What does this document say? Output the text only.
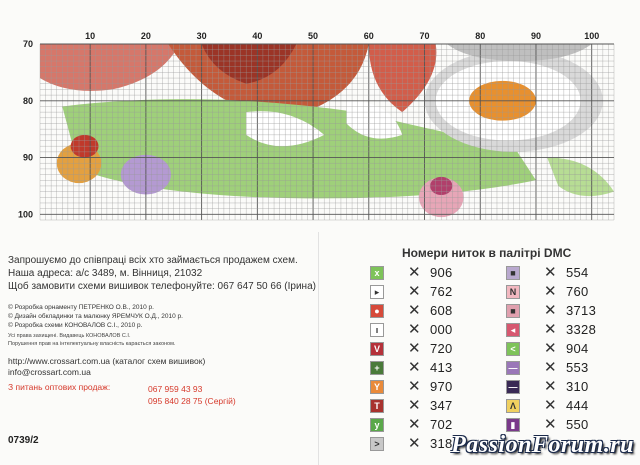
10	20	30	40	50	60	70	80	90	100
70
80
90
100
Запрошуємо до співпраці всіх хто займається продажем схем.
Наша адреса: а/с 3489, м. Вінниця, 21032
Щоб замовити схеми вишивок телефонуйте: 067 647 50 66 (Ірина)
© Розробка орнаменту ПЕТРЕНКО О.В., 2010 р.
© Дизайн обкладинки та малюнку ЯРЕМЧУК О.Д., 2010 р.
© Розробка схеми КОНОВАЛОВ С.І., 2010 р.
Усі права захищені. Видавець КОНОВАЛОВ С.І.
Порушення прав на інтелектуальну власність карається законом.
http://www.crossart.com.ua (каталог схем вишивок)
info@crossart.com.ua
З питань оптових продаж:	067 959 43 93
095 840 28 75 (Сергій)
0739/2
Номери ниток в палітрі DMC
x	✕ 906
▸	✕ 762
● ✕ 608
ı	✕ 000
V ✕ 720
+ ✕ 413
Y ✕ 970
T ✕ 347
y	✕ 702
> ✕ 318
■ ✕ 554
N ✕ 760
■ ✕ 3713
◂	✕ 3328
< ✕ 904
— ✕ 553
— ✕ 310
Λ ✕ 444
▮	✕ 550
PassionForum.ru
